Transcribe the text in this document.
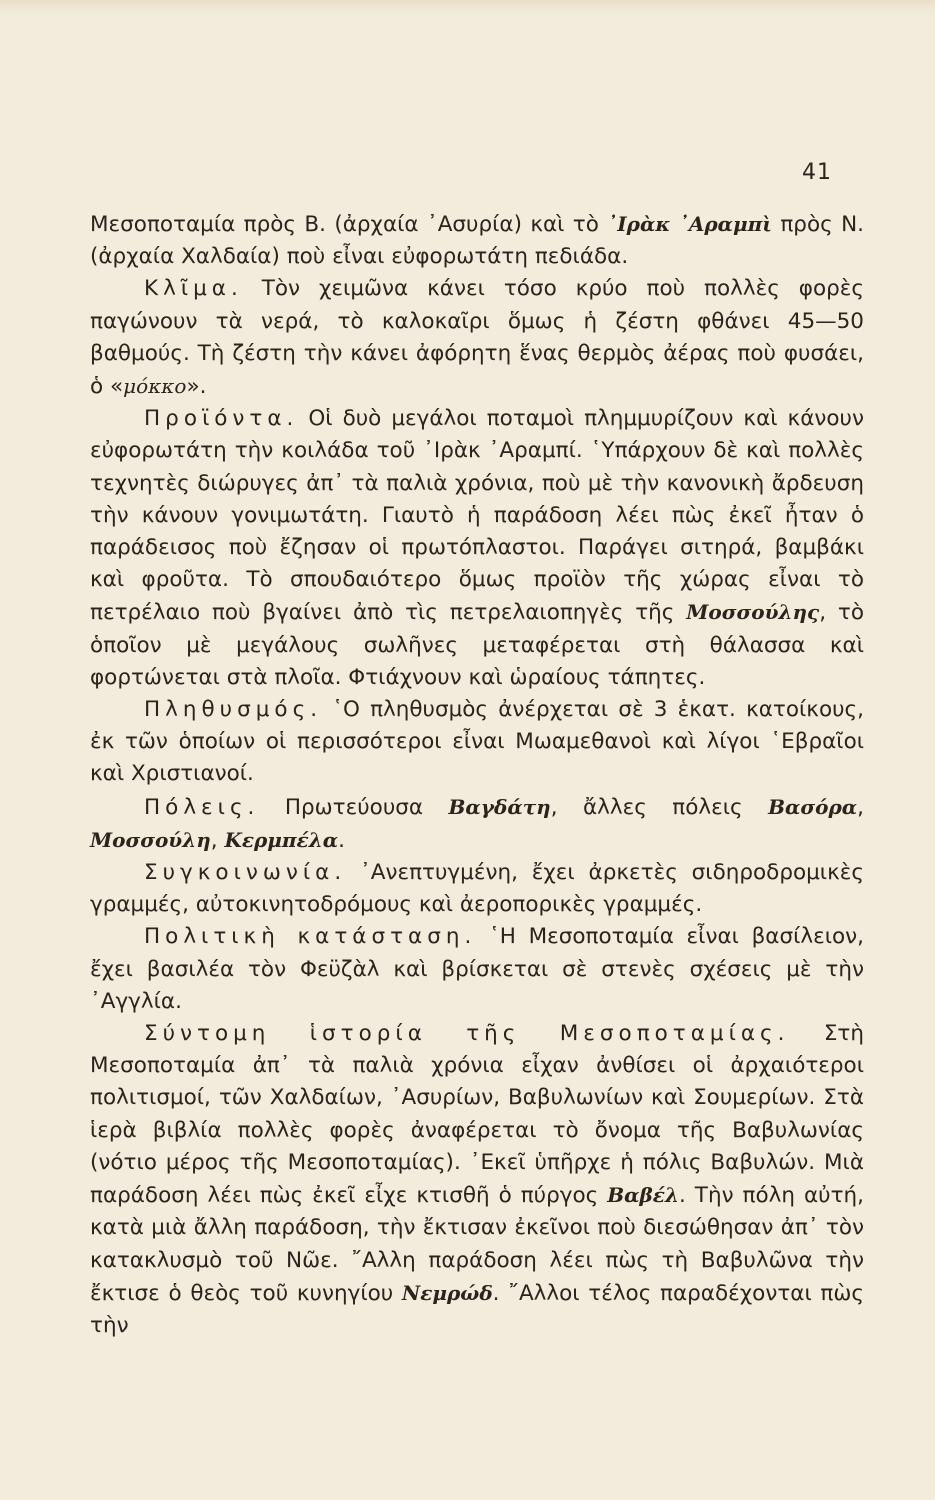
41

Μεσοποταμία πρὸς Β. (ἀρχαία ᾿Ασυρία) καὶ τὸ ᾿Ιρὰκ ᾿Αραμπὶ πρὸς Ν. (ἀρχαία Χαλδαία) ποὺ εἶναι εὐφορωτάτη πεδιάδα.

Κλῖμα. Τὸν χειμῶνα κάνει τόσο κρύο ποὺ πολλὲς φορὲς παγώνουν τὰ νερά, τὸ καλοκαῖρι ὅμως ἡ ζέστη φθάνει 45—50 βαθμούς. Τὴ ζέστη τὴν κάνει ἀφόρητη ἕνας θερμὸς ἀέρας ποὺ φυσάει, ὁ «μόκκο».

Προϊόντα. Οἱ δυὸ μεγάλοι ποταμοὶ πλημμυρίζουν καὶ κάνουν εὐφορωτάτη τὴν κοιλάδα τοῦ ᾿Ιρὰκ ᾿Αραμπί. ῾Υπάρχουν δὲ καὶ πολλὲς τεχνητὲς διώρυγες ἀπ᾿ τὰ παλιὰ χρόνια, ποὺ μὲ τὴν κανονικὴ ἄρδευση τὴν κάνουν γονιμωτάτη. Γιαυτὸ ἡ παράδοση λέει πὼς ἐκεῖ ἦταν ὁ παράδεισος ποὺ ἔζησαν οἱ πρωτόπλαστοι. Παράγει σιτηρά, βαμβάκι καὶ φροῦτα. Τὸ σπουδαιότερο ὅμως προϊὸν τῆς χώρας εἶναι τὸ πετρέλαιο ποὺ βγαίνει ἀπὸ τὶς πετρελαιοπηγὲς τῆς Μοσσούλης, τὸ ὁποῖον μὲ μεγάλους σωλῆνες μεταφέρεται στὴ θάλασσα καὶ φορτώνεται στὰ πλοῖα. Φτιάχνουν καὶ ὡραίους τάπητες.

Πληθυσμός. ῾Ο πληθυσμὸς ἀνέρχεται σὲ 3 ἑκατ. κατοίκους, ἐκ τῶν ὁποίων οἱ περισσότεροι εἶναι Μωαμεθανοὶ καὶ λίγοι ῾Εβραῖοι καὶ Χριστιανοί.

Πόλεις. Πρωτεύουσα Βαγδάτη, ἄλλες πόλεις Βασόρα, Μοσσούλη, Κερμπέλα.

Συγκοινωνία. ᾿Ανεπτυγμένη, ἔχει ἀρκετὲς σιδηροδρομικὲς γραμμές, αὐτοκινητοδρόμους καὶ ἀεροπορικὲς γραμμές.

Πολιτικὴ κατάσταση. ῾Η Μεσοποταμία εἶναι βασίλειον, ἔχει βασιλέα τὸν Φεϋζὰλ καὶ βρίσκεται σὲ στενὲς σχέσεις μὲ τὴν ᾿Αγγλία.

Σύντομη ἱστορία τῆς Μεσοποταμίας. Στὴ Μεσοποταμία ἀπ᾿ τὰ παλιὰ χρόνια εἶχαν ἀνθίσει οἱ ἀρχαιότεροι πολιτισμοί, τῶν Χαλδαίων, ᾿Ασυρίων, Βαβυλωνίων καὶ Σουμερίων. Στὰ ἱερὰ βιβλία πολλὲς φορὲς ἀναφέρεται τὸ ὄνομα τῆς Βαβυλωνίας (νότιο μέρος τῆς Μεσοποταμίας). ᾿Εκεῖ ὑπῆρχε ἡ πόλις Βαβυλών. Μιὰ παράδοση λέει πὼς ἐκεῖ εἶχε κτισθῆ ὁ πύργος Βαβέλ. Τὴν πόλη αὐτή, κατὰ μιὰ ἄλλη παράδοση, τὴν ἔκτισαν ἐκεῖνοι ποὺ διεσώθησαν ἀπ᾿ τὸν κατακλυσμὸ τοῦ Νῶε. ῎Αλλη παράδοση λέει πὼς τὴ Βαβυλῶνα τὴν ἔκτισε ὁ θεὸς τοῦ κυνηγίου Νεμρώδ. ῎Αλλοι τέλος παραδέχονται πὼς τὴν
